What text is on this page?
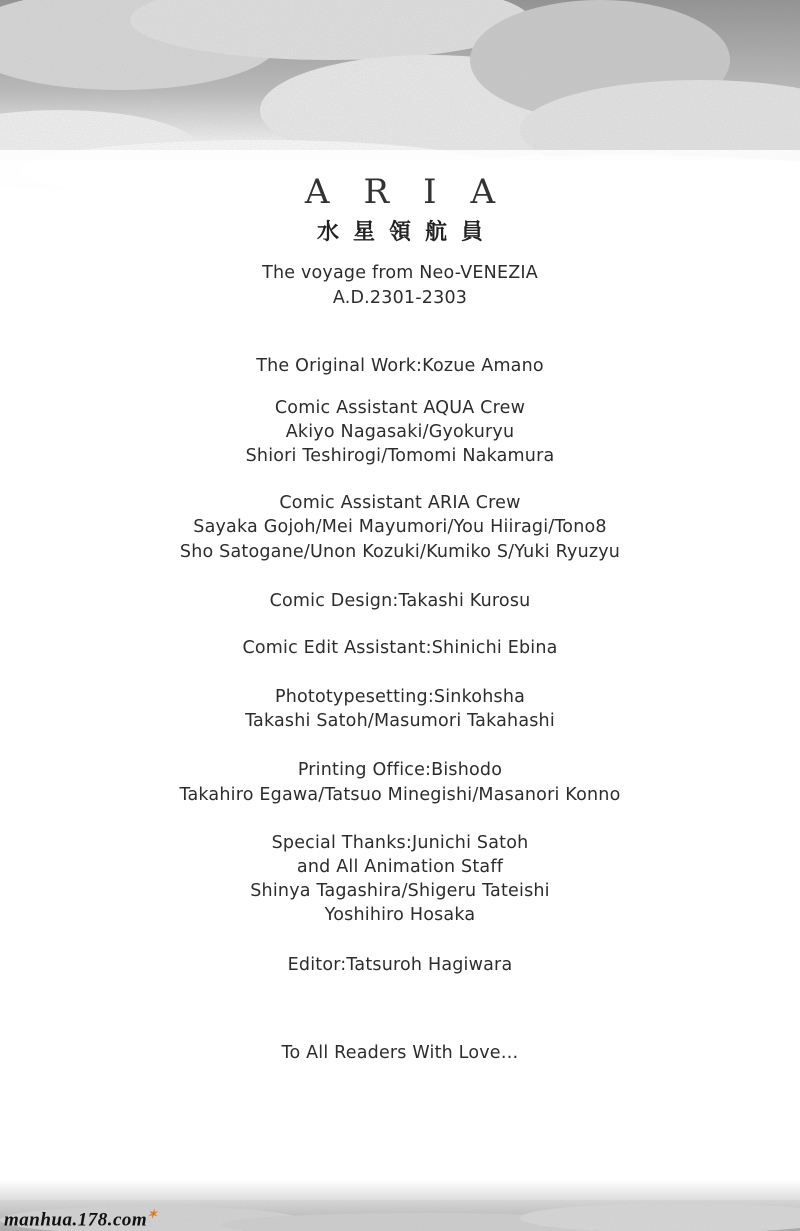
ARIA
水星領航員
The voyage from Neo-VENEZIA
A.D.2301-2303
The Original Work:Kozue Amano
Comic Assistant AQUA Crew
Akiyo Nagasaki/Gyokuryu
Shiori Teshirogi/Tomomi Nakamura
Comic Assistant ARIA Crew
Sayaka Gojoh/Mei Mayumori/You Hiiragi/Tono8
Sho Satogane/Unon Kozuki/Kumiko S/Yuki Ryuzyu
Comic Design:Takashi Kurosu
Comic Edit Assistant:Shinichi Ebina
Phototypesetting:Sinkohsha
Takashi Satoh/Masumori Takahashi
Printing Office:Bishodo
Takahiro Egawa/Tatsuo Minegishi/Masanori Konno
Special Thanks:Junichi Satoh
and All Animation Staff
Shinya Tagashira/Shigeru Tateishi
Yoshihiro Hosaka
Editor:Tatsuroh Hagiwara
To All Readers With Love…
manhua.178.com✶
